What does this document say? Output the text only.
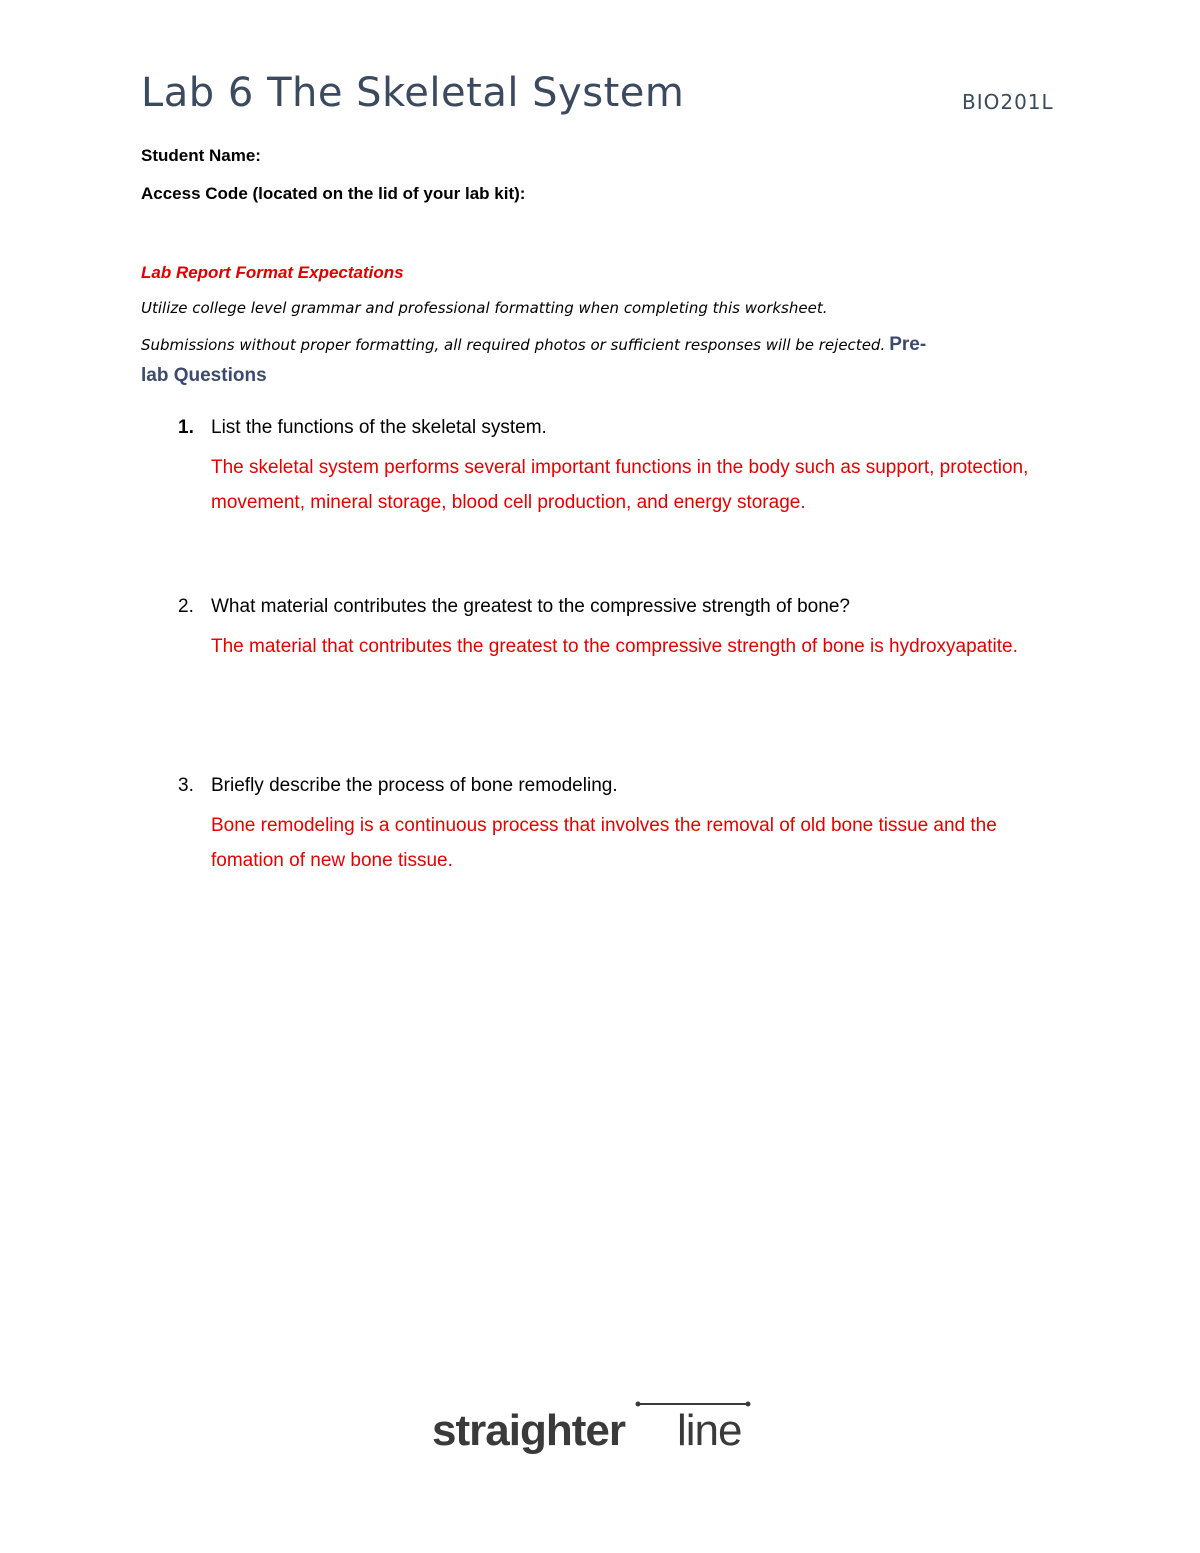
Lab 6 The Skeletal System	BIO201L
Student Name:
Access Code (located on the lid of your lab kit):
Lab Report Format Expectations
Utilize college level grammar and professional formatting when completing this worksheet.
Submissions without proper formatting, all required photos or sufficient responses will be rejected. Pre-
lab Questions
1. List the functions of the skeletal system.
The skeletal system performs several important functions in the body such as support, protection, movement, mineral storage, blood cell production, and energy storage.
2. What material contributes the greatest to the compressive strength of bone?
The material that contributes the greatest to the compressive strength of bone is hydroxyapatite.
3. Briefly describe the process of bone remodeling.
Bone remodeling is a continuous process that involves the removal of old bone tissue and the fomation of new bone tissue.
straighter line
